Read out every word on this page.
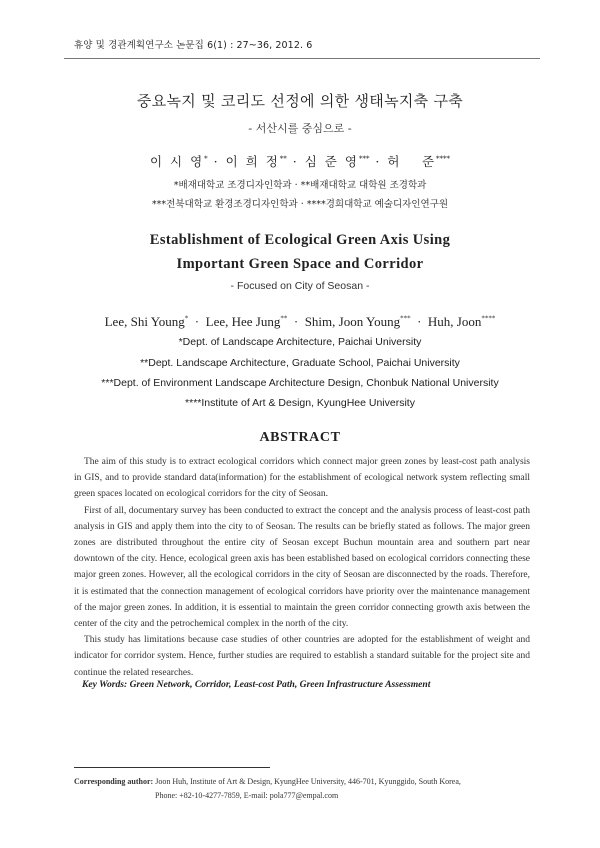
휴양 및 경관계획연구소 논문집 6(1) : 27~36, 2012. 6
중요녹지 및 코리도 선정에 의한 생태녹지축 구축
- 서산시를 중심으로 -
이 시 영* · 이 희 정** · 심 준 영*** · 허 　준****
*배재대학교 조경디자인학과 · **배재대학교 대학원 조경학과
***전북대학교 환경조경디자인학과 · ****경희대학교 예술디자인연구원
Establishment of Ecological Green Axis Using
Important Green Space and Corridor
- Focused on City of Seosan -
Lee, Shi Young* · Lee, Hee Jung** · Shim, Joon Young*** · Huh, Joon****
*Dept. of Landscape Architecture, Paichai University
**Dept. Landscape Architecture, Graduate School, Paichai University
***Dept. of Environment Landscape Architecture Design, Chonbuk National University
****Institute of Art & Design, KyungHee University
ABSTRACT

The aim of this study is to extract ecological corridors which connect major green zones by least-cost path analysis in GIS, and to provide standard data(information) for the establishment of ecological network system reflecting small green spaces located on ecological corridors for the city of Seosan.

First of all, documentary survey has been conducted to extract the concept and the analysis process of least-cost path analysis in GIS and apply them into the city to of Seosan. The results can be briefly stated as follows. The major green zones are distributed throughout the entire city of Seosan except Buchun mountain area and southern part near downtown of the city. Hence, ecological green axis has been established based on ecological corridors connecting these major green zones. However, all the ecological corridors in the city of Seosan are disconnected by the roads. Therefore, it is estimated that the connection management of ecological corridors have priority over the maintenance management of the major green zones. In addition, it is essential to maintain the green corridor connecting growth axis between the center of the city and the petrochemical complex in the north of the city.

This study has limitations because case studies of other countries are adopted for the establishment of weight and indicator for corridor system. Hence, further studies are required to establish a standard suitable for the project site and continue the related researches.

Key Words: Green Network, Corridor, Least-cost Path, Green Infrastructure Assessment
Corresponding author: Joon Huh, Institute of Art & Design, KyungHee University, 446-701, Kyunggido, South Korea,
Phone: +82-10-4277-7859, E-mail: pola777@empal.com
